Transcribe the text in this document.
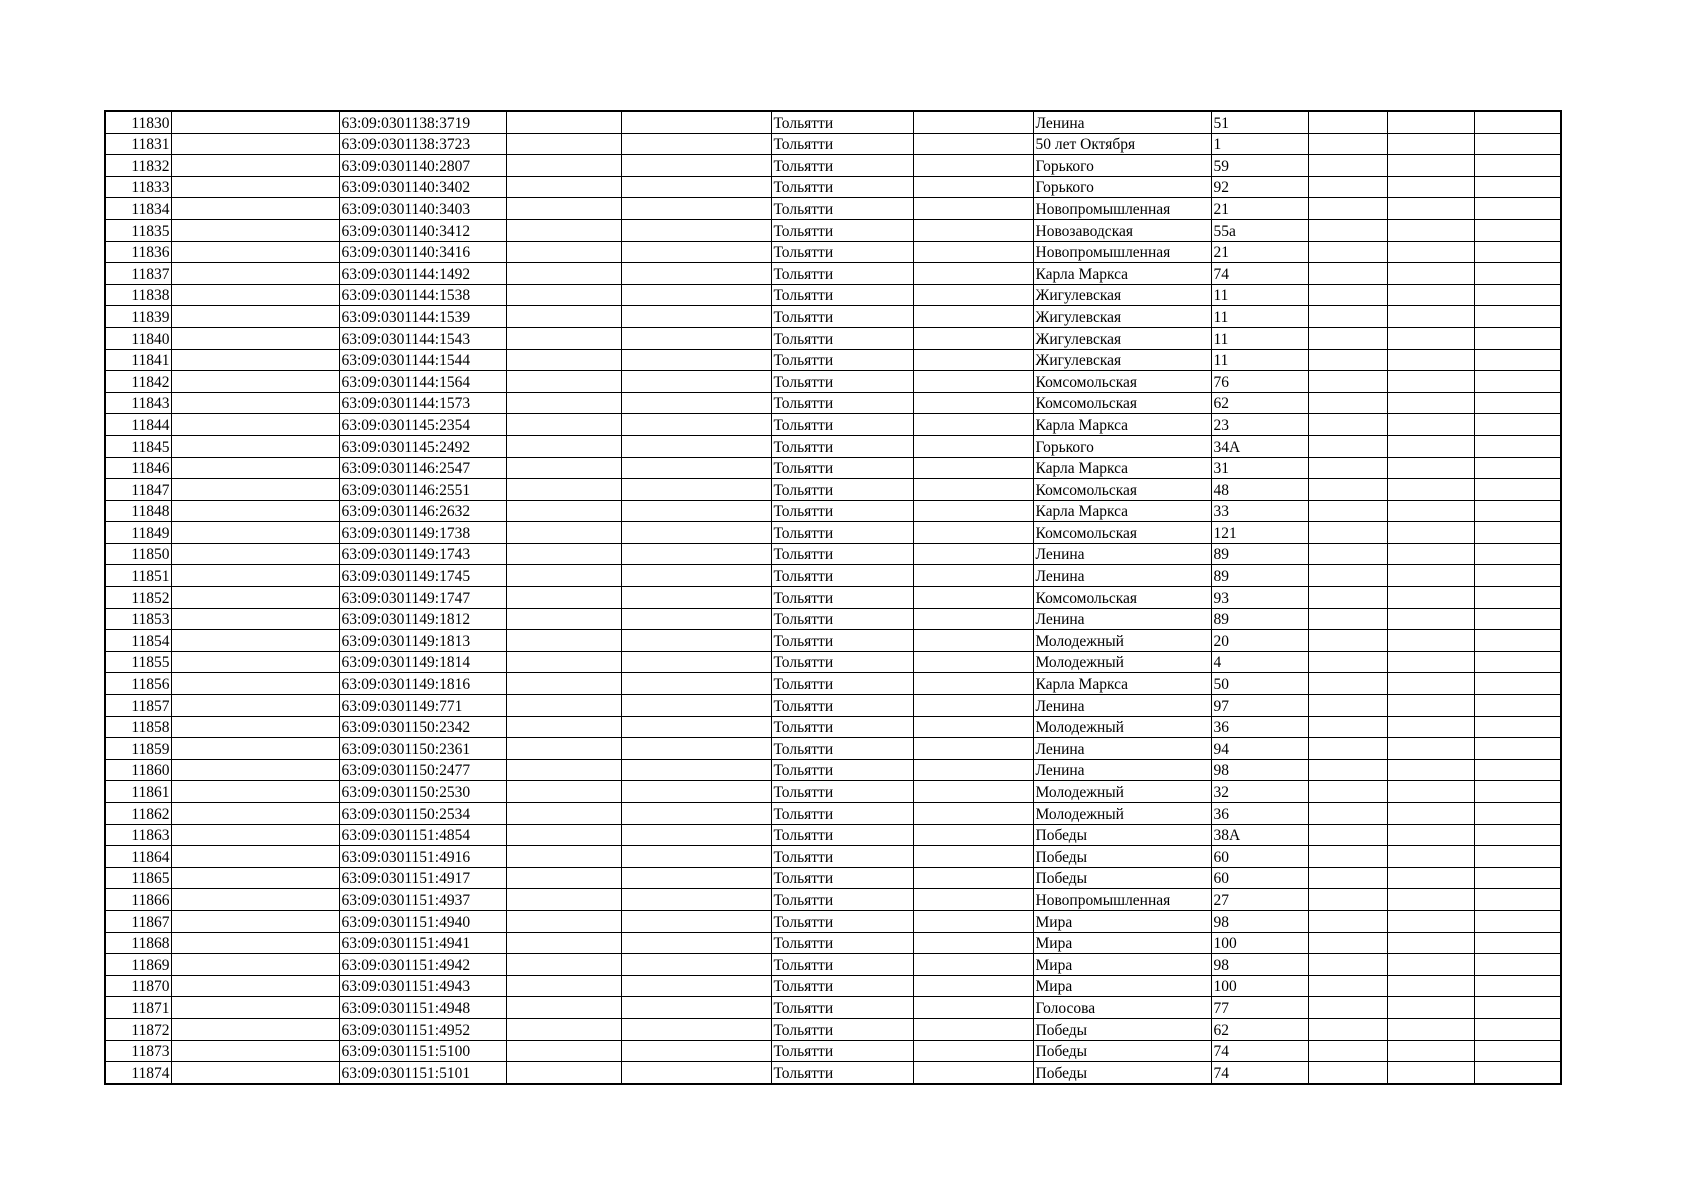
11830		63:09:0301138:3719			Тольятти		Ленина	51			
11831		63:09:0301138:3723			Тольятти		50 лет Октября	1			
11832		63:09:0301140:2807			Тольятти		Горького	59			
11833		63:09:0301140:3402			Тольятти		Горького	92			
11834		63:09:0301140:3403			Тольятти		Новопромышленная	21			
11835		63:09:0301140:3412			Тольятти		Новозаводская	55а			
11836		63:09:0301140:3416			Тольятти		Новопромышленная	21			
11837		63:09:0301144:1492			Тольятти		Карла Маркса	74			
11838		63:09:0301144:1538			Тольятти		Жигулевская	11			
11839		63:09:0301144:1539			Тольятти		Жигулевская	11			
11840		63:09:0301144:1543			Тольятти		Жигулевская	11			
11841		63:09:0301144:1544			Тольятти		Жигулевская	11			
11842		63:09:0301144:1564			Тольятти		Комсомольская	76			
11843		63:09:0301144:1573			Тольятти		Комсомольская	62			
11844		63:09:0301145:2354			Тольятти		Карла Маркса	23			
11845		63:09:0301145:2492			Тольятти		Горького	34А			
11846		63:09:0301146:2547			Тольятти		Карла Маркса	31			
11847		63:09:0301146:2551			Тольятти		Комсомольская	48			
11848		63:09:0301146:2632			Тольятти		Карла Маркса	33			
11849		63:09:0301149:1738			Тольятти		Комсомольская	121			
11850		63:09:0301149:1743			Тольятти		Ленина	89			
11851		63:09:0301149:1745			Тольятти		Ленина	89			
11852		63:09:0301149:1747			Тольятти		Комсомольская	93			
11853		63:09:0301149:1812			Тольятти		Ленина	89			
11854		63:09:0301149:1813			Тольятти		Молодежный	20			
11855		63:09:0301149:1814			Тольятти		Молодежный	4			
11856		63:09:0301149:1816			Тольятти		Карла Маркса	50			
11857		63:09:0301149:771			Тольятти		Ленина	97			
11858		63:09:0301150:2342			Тольятти		Молодежный	36			
11859		63:09:0301150:2361			Тольятти		Ленина	94			
11860		63:09:0301150:2477			Тольятти		Ленина	98			
11861		63:09:0301150:2530			Тольятти		Молодежный	32			
11862		63:09:0301150:2534			Тольятти		Молодежный	36			
11863		63:09:0301151:4854			Тольятти		Победы	38А			
11864		63:09:0301151:4916			Тольятти		Победы	60			
11865		63:09:0301151:4917			Тольятти		Победы	60			
11866		63:09:0301151:4937			Тольятти		Новопромышленная	27			
11867		63:09:0301151:4940			Тольятти		Мира	98			
11868		63:09:0301151:4941			Тольятти		Мира	100			
11869		63:09:0301151:4942			Тольятти		Мира	98			
11870		63:09:0301151:4943			Тольятти		Мира	100			
11871		63:09:0301151:4948			Тольятти		Голосова	77			
11872		63:09:0301151:4952			Тольятти		Победы	62			
11873		63:09:0301151:5100			Тольятти		Победы	74			
11874		63:09:0301151:5101			Тольятти		Победы	74			
